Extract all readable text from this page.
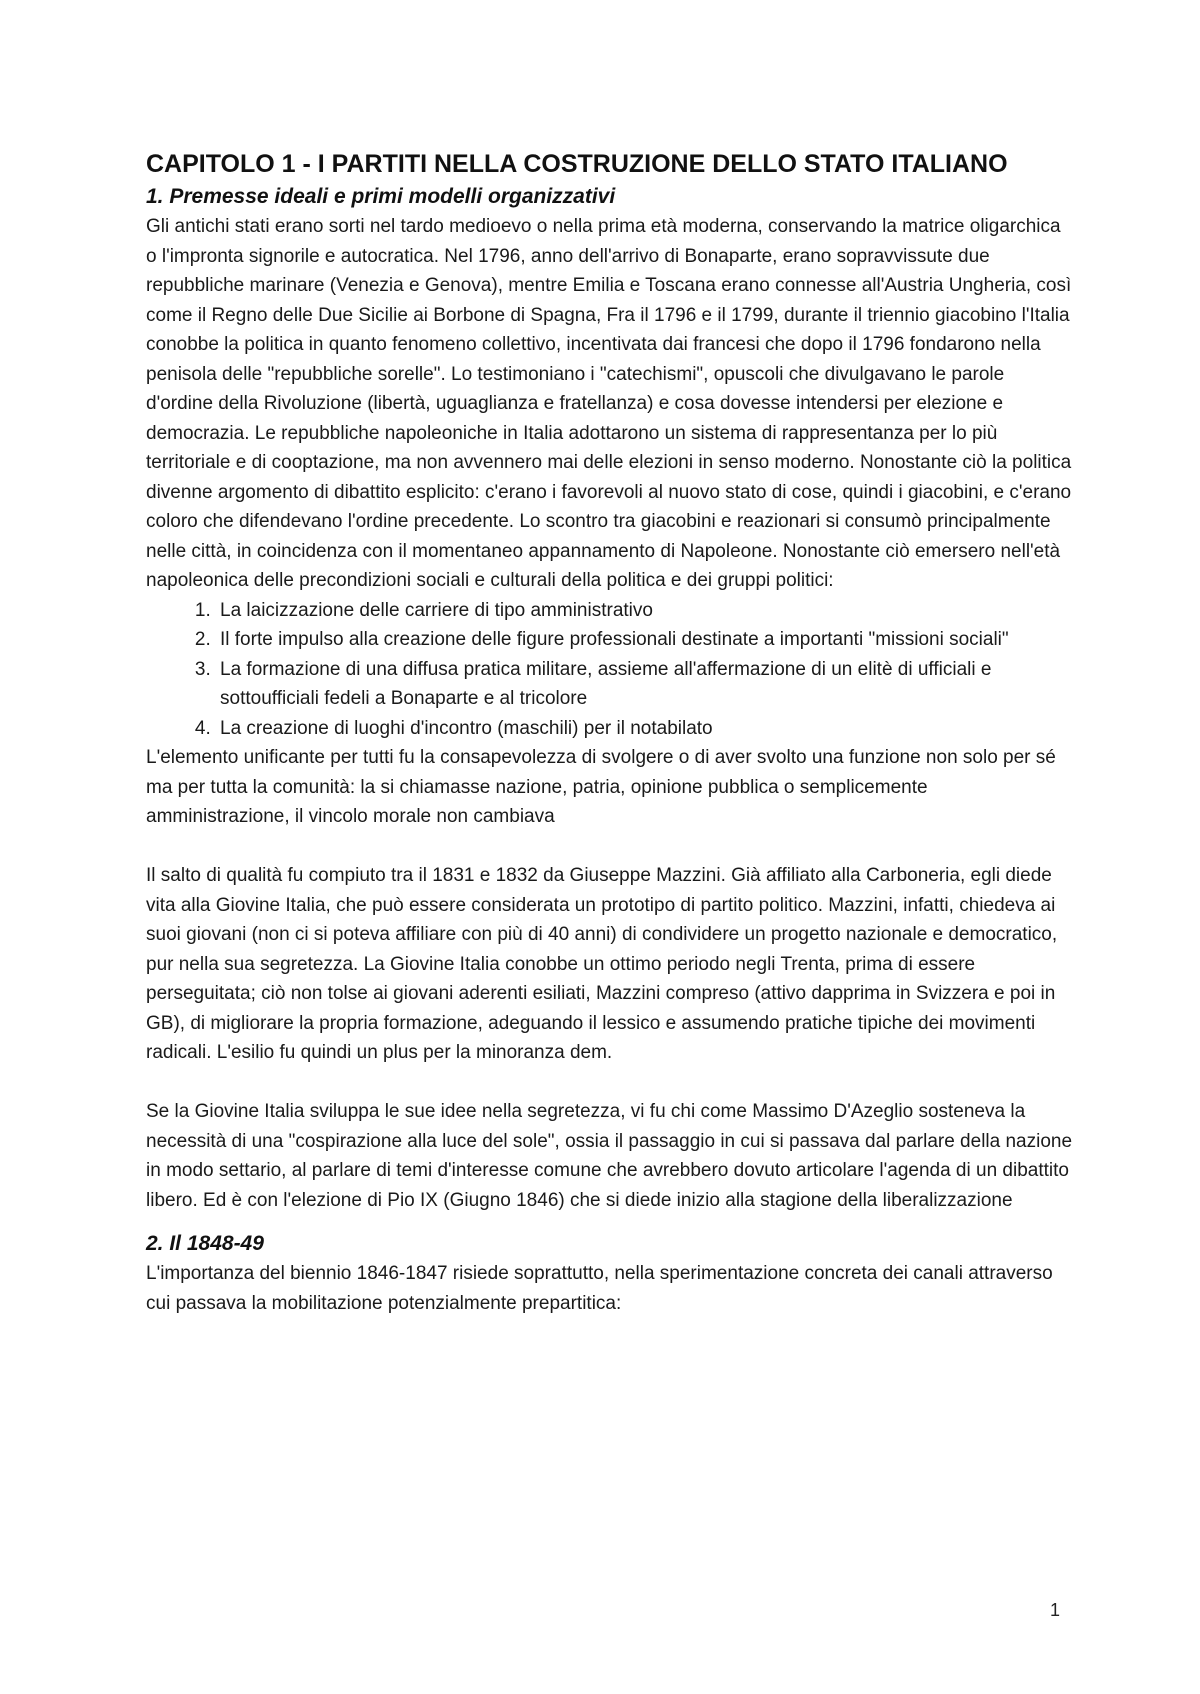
CAPITOLO 1 - I PARTITI NELLA COSTRUZIONE DELLO STATO ITALIANO
1. Premesse ideali e primi modelli organizzativi

Gli antichi stati erano sorti nel tardo medioevo o nella prima età moderna, conservando la matrice oligarchica o l'impronta signorile e autocratica. Nel 1796, anno dell'arrivo di Bonaparte, erano sopravvissute due repubbliche marinare (Venezia e Genova), mentre Emilia e Toscana erano connesse all'Austria Ungheria, così come il Regno delle Due Sicilie ai Borbone di Spagna, Fra il 1796 e il 1799, durante il triennio giacobino l'Italia conobbe la politica in quanto fenomeno collettivo, incentivata dai francesi che dopo il 1796 fondarono nella penisola delle "repubbliche sorelle". Lo testimoniano i "catechismi", opuscoli che divulgavano le parole d'ordine della Rivoluzione (libertà, uguaglianza e fratellanza) e cosa dovesse intendersi per elezione e democrazia. Le repubbliche napoleoniche in Italia adottarono un sistema di rappresentanza per lo più territoriale e di cooptazione, ma non avvennero mai delle elezioni in senso moderno. Nonostante ciò la politica divenne argomento di dibattito esplicito: c'erano i favorevoli al nuovo stato di cose, quindi i giacobini, e c'erano coloro che difendevano l'ordine precedente. Lo scontro tra giacobini e reazionari si consumò principalmente nelle città, in coincidenza con il momentaneo appannamento di Napoleone. Nonostante ciò emersero nell'età napoleonica delle precondizioni sociali e culturali della politica e dei gruppi politici:

1. La laicizzazione delle carriere di tipo amministrativo
2. Il forte impulso alla creazione delle figure professionali destinate a importanti "missioni sociali"
3. La formazione di una diffusa pratica militare, assieme all'affermazione di un elitè di ufficiali e sottoufficiali fedeli a Bonaparte e al tricolore
4. La creazione di luoghi d'incontro (maschili) per il notabilato

L'elemento unificante per tutti fu la consapevolezza di svolgere o di aver svolto una funzione non solo per sé ma per tutta la comunità: la si chiamasse nazione, patria, opinione pubblica o semplicemente amministrazione, il vincolo morale non cambiava

Il salto di qualità fu compiuto tra il 1831 e 1832 da Giuseppe Mazzini. Già affiliato alla Carboneria, egli diede vita alla Giovine Italia, che può essere considerata un prototipo di partito politico. Mazzini, infatti, chiedeva ai suoi giovani (non ci si poteva affiliare con più di 40 anni) di condividere un progetto nazionale e democratico, pur nella sua segretezza. La Giovine Italia conobbe un ottimo periodo negli Trenta, prima di essere perseguitata; ciò non tolse ai giovani aderenti esiliati, Mazzini compreso (attivo dapprima in Svizzera e poi in GB), di migliorare la propria formazione, adeguando il lessico e assumendo pratiche tipiche dei movimenti radicali. L'esilio fu quindi un plus per la minoranza dem.

Se la Giovine Italia sviluppa le sue idee nella segretezza, vi fu chi come Massimo D'Azeglio sosteneva la necessità di una "cospirazione alla luce del sole", ossia il passaggio in cui si passava dal parlare della nazione in modo settario, al parlare di temi d'interesse comune che avrebbero dovuto articolare l'agenda di un dibattito libero. Ed è con l'elezione di Pio IX (Giugno 1846) che si diede inizio alla stagione della liberalizzazione

2. Il 1848-49

L'importanza del biennio 1846-1847 risiede soprattutto, nella sperimentazione concreta dei canali attraverso cui passava la mobilitazione potenzialmente prepartitica:

1
